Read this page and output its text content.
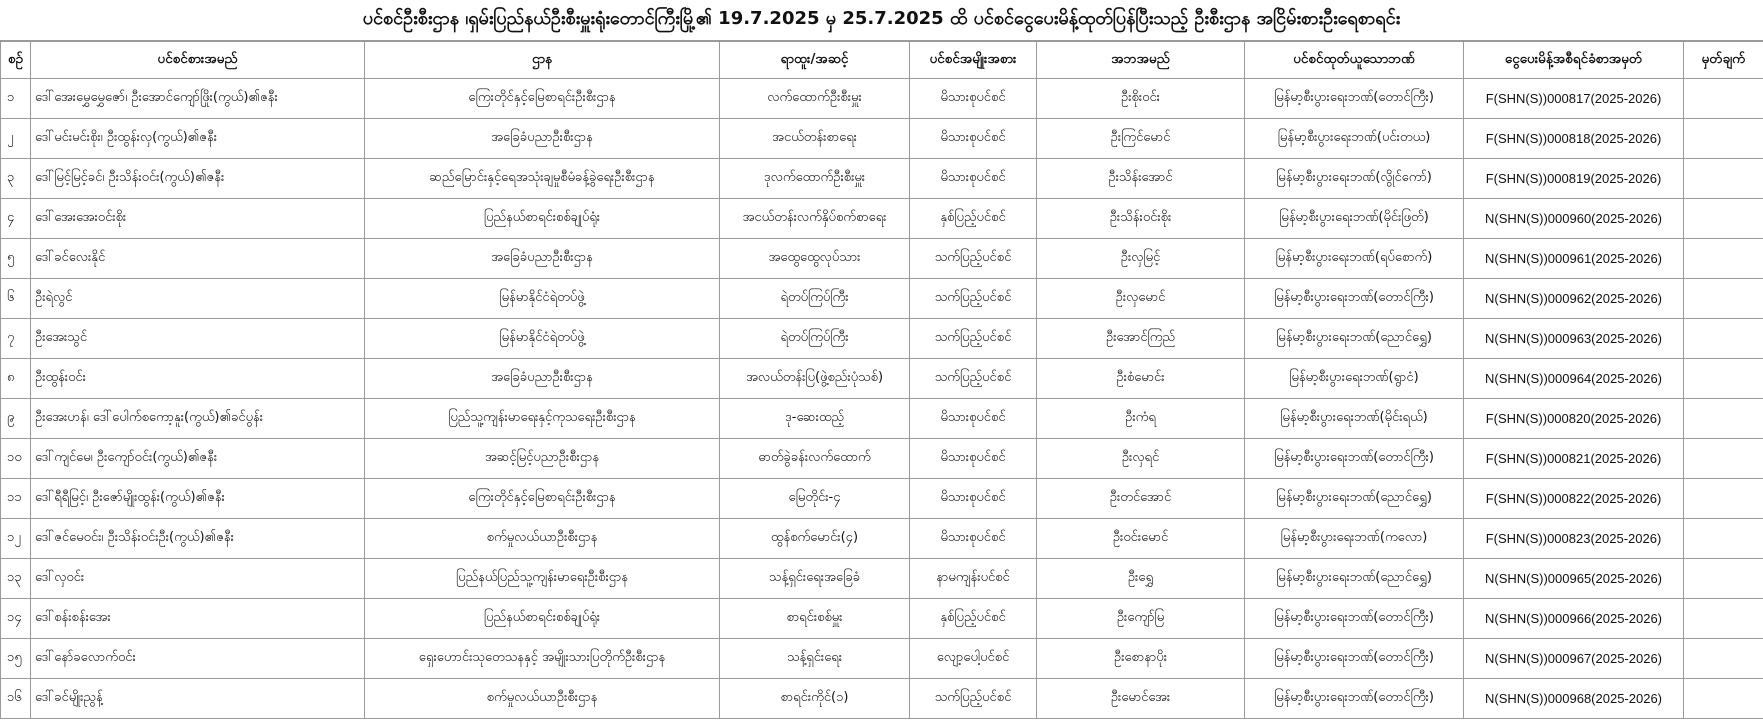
ပင်စင်ဦးစီးဌာန ၊ရှမ်းပြည်နယ်ဦးစီးမှူးရုံးတောင်ကြီးမြို့၏ 19.7.2025 မှ 25.7.2025 ထိ ပင်စင်ငွေပေးမိန့်ထုတ်ပြန်ပြီးသည့် ဦးစီးဌာန အငြိမ်းစားဦးရေစာရင်း
စဉ်	ပင်စင်စားအမည်	ဌာန	ရာထူး/အဆင့်	ပင်စင်အမျိုးအစား	အဘအမည်	ပင်စင်ထုတ်ယူသောဘဏ်	ငွေပေးမိန့်အစီရင်ခံစာအမှတ်	မှတ်ချက်
၁	ဒေါ်အေးမွှေမွှေဇော်၊ ဦးအောင်ကျော်ဖြိုး(ကွယ်)၏ဇနီး	ကြေးတိုင်နှင့်မြေစာရင်းဦးစီးဌာန	လက်ထောက်ဦးစီးမှူး	မိသားစုပင်စင်	ဦးစိုးဝင်း	မြန်မာ့စီးပွားရေးဘဏ်(တောင်ကြီး)	F(SHN(S))000817(2025-2026)	
၂	ဒေါ်မင်းမင်းစိုး၊ ဦးထွန်းလှ(ကွယ်)၏ဇနီး	အခြေခံပညာဦးစီးဌာန	အငယ်တန်းစာရေး	မိသားစုပင်စင်	ဦးကြင်မောင်	မြန်မာ့စီးပွားရေးဘဏ်(ပင်းတယ)	F(SHN(S))000818(2025-2026)	
၃	ဒေါ်မြင့်မြင့်ခင်၊ ဦးသိန်းဝင်း(ကွယ်)၏ဇနီး	ဆည်မြောင်းနှင့်ရေအသုံးချမှုစီမံခန့်ခွဲရေးဦးစီးဌာန	ဒုလက်ထောက်ဦးစီးမှူး	မိသားစုပင်စင်	ဦးသိန်းအောင်	မြန်မာ့စီးပွားရေးဘဏ်(လွိုင်ကော်)	F(SHN(S))000819(2025-2026)	
၄	ဒေါ်အေးအေးဝင်းစိုး	ပြည်နယ်စာရင်းစစ်ချုပ်ရုံး	အငယ်တန်းလက်နှိပ်စက်စာရေး	နှစ်ပြည့်ပင်စင်	ဦးသိန်းဝင်းစိုး	မြန်မာ့စီးပွားရေးဘဏ်(မိုင်းဖြတ်)	N(SHN(S))000960(2025-2026)	
၅	ဒေါ်ခင်လေးနိုင်	အခြေခံပညာဦးစီးဌာန	အထွေထွေလုပ်သား	သက်ပြည့်ပင်စင်	ဦးလှမြင့်	မြန်မာ့စီးပွားရေးဘဏ်(ရပ်စောက်)	N(SHN(S))000961(2025-2026)	
၆	ဦးရဲလွင်	မြန်မာနိုင်ငံရဲတပ်ဖွဲ့	ရဲတပ်ကြပ်ကြီး	သက်ပြည့်ပင်စင်	ဦးလှမောင်	မြန်မာ့စီးပွားရေးဘဏ်(တောင်ကြီး)	N(SHN(S))000962(2025-2026)	
၇	ဦးအေးသွင်	မြန်မာနိုင်ငံရဲတပ်ဖွဲ့	ရဲတပ်ကြပ်ကြီး	သက်ပြည့်ပင်စင်	ဦးအောင်ကြည်	မြန်မာ့စီးပွားရေးဘဏ်(ညောင်ရွှေ)	N(SHN(S))000963(2025-2026)	
၈	ဦးထွန်းဝင်း	အခြေခံပညာဦးစီးဌာန	အလယ်တန်းပြ(ဖွဲ့စည်းပုံသစ်)	သက်ပြည့်ပင်စင်	ဦးစံမောင်း	မြန်မာ့စီးပွားရေးဘဏ်(ရွာငံ)	N(SHN(S))000964(2025-2026)	
၉	ဦးအေးဟန်၊ ဒေါ်ပေါက်စကော့နူး(ကွယ်)၏ခင်ပွန်း	ပြည်သူ့ကျန်းမာရေးနှင့်ကုသရေးဦးစီးဌာန	ဒု-ဆေးထည့်	မိသားစုပင်စင်	ဦးကံရ	မြန်မာ့စီးပွားရေးဘဏ်(မိုင်းရယ်)	F(SHN(S))000820(2025-2026)	
၁၀	ဒေါ်ကျင်မေ၊ ဦးကျော်ဝင်း(ကွယ်)၏ဇနီး	အဆင့်မြင့်ပညာဦးစီးဌာန	ဓာတ်ခွဲခန်းလက်ထောက်	မိသားစုပင်စင်	ဦးလှရင်	မြန်မာ့စီးပွားရေးဘဏ်(တောင်ကြီး)	F(SHN(S))000821(2025-2026)	
၁၁	ဒေါ်ရီရီမြင့်၊ ဦးဇော်မျိုးထွန်း(ကွယ်)၏ဇနီး	ကြေးတိုင်နှင့်မြေစာရင်းဦးစီးဌာန	မြေတိုင်း-၄	မိသားစုပင်စင်	ဦးတင်အောင်	မြန်မာ့စီးပွားရေးဘဏ်(ညောင်ရွှေ)	F(SHN(S))000822(2025-2026)	
၁၂	ဒေါ်ဇင်မေဝင်း၊ ဦးသိန်းဝင်းဦး(ကွယ်)၏ဇနီး	စက်မှုလယ်ယာဦးစီးဌာန	ထွန်စက်မောင်း(၄)	မိသားစုပင်စင်	ဦးဝင်းမောင်	မြန်မာ့စီးပွားရေးဘဏ်(ကလော)	F(SHN(S))000823(2025-2026)	
၁၃	ဒေါ်လှဝင်း	ပြည်နယ်ပြည်သူ့ကျန်းမာရေးဦးစီးဌာန	သန့်ရှင်းရေးအခြေခံ	နာမကျန်းပင်စင်	ဦးရွှေ	မြန်မာ့စီးပွားရေးဘဏ်(ညောင်ရွှေ)	N(SHN(S))000965(2025-2026)	
၁၄	ဒေါ်စန်းစန်းအေး	ပြည်နယ်စာရင်းစစ်ချုပ်ရုံး	စာရင်းစစ်မှူး	နှစ်ပြည့်ပင်စင်	ဦးကျော်မြ	မြန်မာ့စီးပွားရေးဘဏ်(တောင်ကြီး)	N(SHN(S))000966(2025-2026)	
၁၅	ဒေါ်နော်ခလောက်ဝင်း	ရှေးဟောင်းသုတေသနနှင့် အမျိုးသားပြတိုက်ဦးစီးဌာန	သန့်ရှင်းရေး	လျော့ပေါ့ပင်စင်	ဦးစောနာပိုး	မြန်မာ့စီးပွားရေးဘဏ်(တောင်ကြီး)	N(SHN(S))000967(2025-2026)	
၁၆	ဒေါ်ခင်မျိုးညွန့်	စက်မှုလယ်ယာဦးစီးဌာန	စာရင်းကိုင်(၁)	သက်ပြည့်ပင်စင်	ဦးမောင်အေး	မြန်မာ့စီးပွားရေးဘဏ်(တောင်ကြီး)	N(SHN(S))000968(2025-2026)	
